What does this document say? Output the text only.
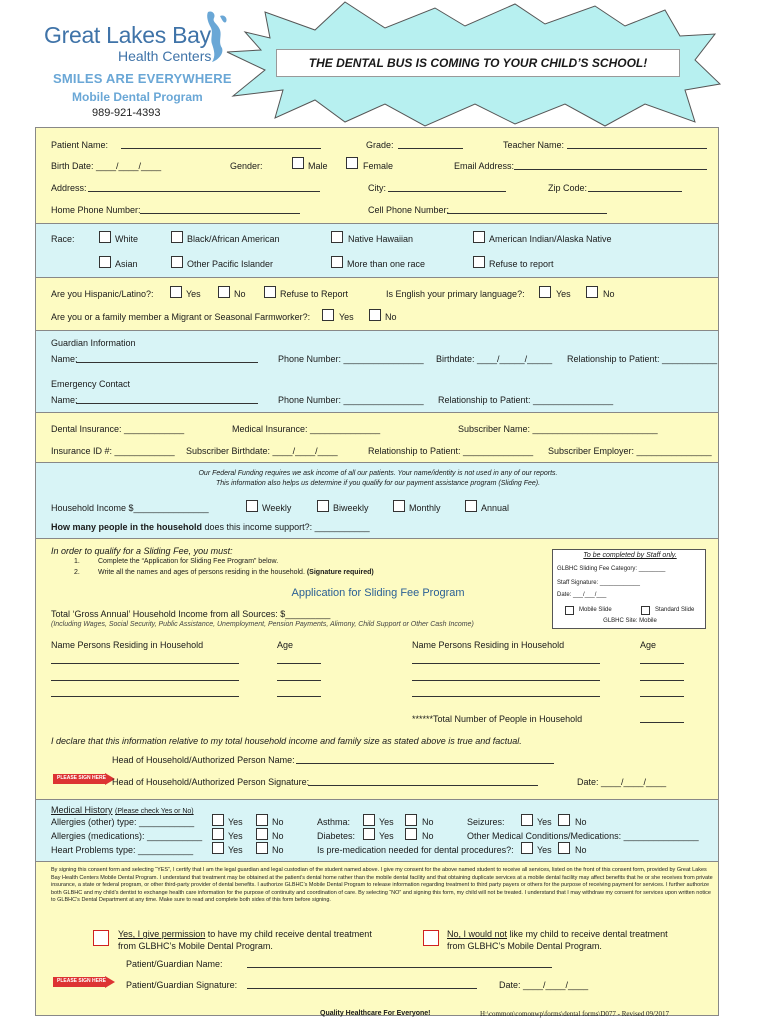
Great Lakes Bay
Health Centers
SMILES ARE EVERYWHERE
Mobile Dental Program
989-921-4393
THE DENTAL BUS IS COMING TO YOUR CHILD’S SCHOOL!
Patient Name:	Grade:	Teacher Name:
Birth Date: ____/____/____	Gender:	Male	Female	Email Address:
Address:	City:	Zip Code:
Home Phone Number:	Cell Phone Number:
Race:	White	Black/African American	Native Hawaiian	American Indian/Alaska Native
Asian	Other Pacific Islander	More than one race	Refuse to report
Are you Hispanic/Latino?:	Yes	No	Refuse to Report	Is English your primary language?:	Yes	No
Are you or a family member a Migrant or Seasonal Farmworker?:	Yes	No
Guardian Information
Name:	Phone Number: ________________ Birthdate: ____/_____/_____ Relationship to Patient: ___________
Emergency Contact
Name:	Phone Number: ________________ Relationship to Patient: ________________
Dental Insurance: ____________	Medical Insurance: ______________	Subscriber Name: _________________________
Insurance ID #: ____________ Subscriber Birthdate: ____/____/____	Relationship to Patient: ______________ Subscriber Employer: _______________
Our Federal Funding requires we ask income of all our patients. Your name/identity is not used in any of our reports.
This information also helps us determine if you qualify for our payment assistance program (Sliding Fee).
Household Income $_______________	Weekly	Biweekly	Monthly	Annual
How many people in the household does this income support?: ___________
In order to qualify for a Sliding Fee, you must:
1.	Complete the “Application for Sliding Fee Program” below.
2.	Write all the names and ages of persons residing in the household. (Signature required)
Application for Sliding Fee Program
Total ‘Gross Annual’ Household Income from all Sources: $_________
(Including Wages, Social Security, Public Assistance, Unemployment, Pension Payments, Alimony, Child Support or Other Cash Income)
To be completed by Staff only.
GLBHC Sliding Fee Category: ________
Staff Signature: ____________
Date: ___/___/___
Mobile Slide	Standard Slide
GLBHC Site: Mobile
Name Persons Residing in Household	Age	Name Persons Residing in Household	Age
******Total Number of People in Household
I declare that this information relative to my total household income and family size as stated above is true and factual.
Head of Household/Authorized Person Name:
PLEASE SIGN HERE Head of Household/Authorized Person Signature:	Date: ____/____/____
Medical History (Please check Yes or No)
Allergies (other) type: ___________	Yes	No	Asthma:	Yes	No	Seizures:	Yes	No
Allergies (medications): ___________	Yes	No	Diabetes:	Yes	No	Other Medical Conditions/Medications: _______________
Heart Problems type: ___________	Yes	No	Is pre-medication needed for dental procedures?:	Yes	No
By signing this consent form and selecting “YES”, I certify that I am the legal guardian and legal custodian of the student named above. I give my consent for the above named student to receive all services, listed on the front of this consent form, provided by Great Lakes Bay Health Centers Mobile Dental Program. I understand that treatment may be obtained at the patient’s dental home rather than the mobile dental facility and that obtaining duplicate services at a mobile dental facility may affect benefits that he or she receives from private insurance, a state or federal program, or other third-party provider of dental benefits. I authorize GLBHC’s Mobile Dental Program to release information regarding treatment to third party payers or others for the purpose of receiving payment for services. I further authorize both GLBHC and my child’s dentist to exchange health care information for the purpose of continuity and coordination of care. By selecting “NO” and signing this form, my child will not be treated. I understand that I may withdraw my consent for services upon written notice to GLBHC’s Dental Department at any time. Make sure to read and complete both sides of this form before signing.
Yes, I give permission to have my child receive dental treatment
from GLBHC’s Mobile Dental Program.
No, I would not like my child to receive dental treatment
from GLBHC’s Mobile Dental Program.
Patient/Guardian Name:
PLEASE SIGN HERE Patient/Guardian Signature:	Date: ____/____/____
Quality Healthcare For Everyone!	H:\common\comonwp\forms\dental forms\D077 - Revised 09/2017
